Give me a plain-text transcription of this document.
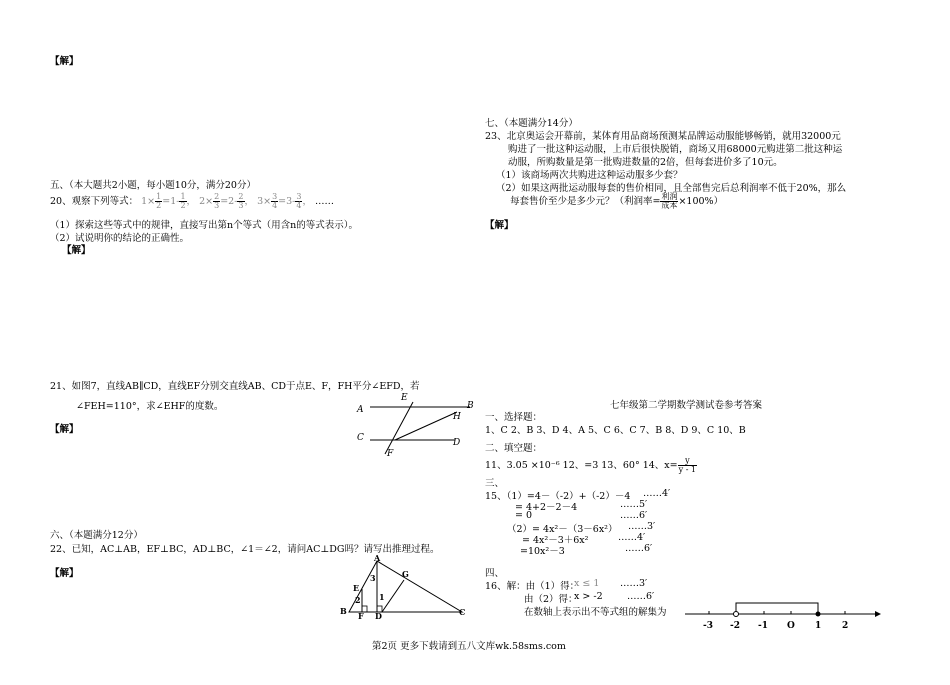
【解】
五、（本大题共2小题，每小题10分，满分20分）
20、观察下列等式： $1\times \frac{1}{2} =1- \frac{1}{2}$ ， $2\times \frac{2}{3} =2- \frac{2}{3}$ ， $3\times \frac{3}{4} =3- \frac{3}{4}$ ， ……
（1）探索这些等式中的规律，直接写出第n个等式（用含n的等式表示）。
（2）试说明你的结论的正确性。
【解】
21、如图7，直线AB∥CD，直线EF分别交直线AB、CD于点E、F，FH平分∠EFD，若
∠FEH=110°，求∠EHF的度数。
【解】
A
E
B
H
C	D
F
六、（本题满分12分）
22、已知，AC⊥AB，EF⊥BC，AD⊥BC，∠1＝∠2，请问AC⊥DG吗？请写出推理过程。
【解】
A
G
E
3
2 1
B F D	C
七、（本题满分14分）
23、北京奥运会开幕前，某体育用品商场预测某品牌运动服能够畅销，就用32000元
购进了一批这种运动服，上市后很快脱销，商场又用68000元购进第二批这种运
动服，所购数量是第一批购进数量的2倍，但每套进价多了10元。
（1）该商场两次共购进这种运动服多少套？
（2）如果这两批运动服每套的售价相同，且全部售完后总利润率不低于20%，那么
每套售价至少是多少元？（利润率= $\frac{\text{利润}}{\text{成本}} \times 100\%$）
【解】
七年级第二学期数学测试卷参考答案
一、选择题：
1、C 2、B 3、D 4、A 5、C 6、C 7、B 8、D 9、C 10、B
二、填空题：
11、3.05 ×10⁻⁶ 12、=3 13、60° 14、$x= \frac{y}{y - 1}$
三、
15、（1）=4－（-2）+（-2）－4 ……4′
= 4+2－2－4	……5′
= 0	……6′
（2）= 4x²－（3－6x²） ……3′
= 4x²－3＋6x²	……4′
=10x²－3	……6′
四、
16、解：由（1）得：
x ≤ 1 ……3′
由（2）得：
x > -2	……6′
在数轴上表示出不等式组的解集为
-3 -2 -1 O 1 2
第2页 更多下载请到五八文库wk.58sms.com
